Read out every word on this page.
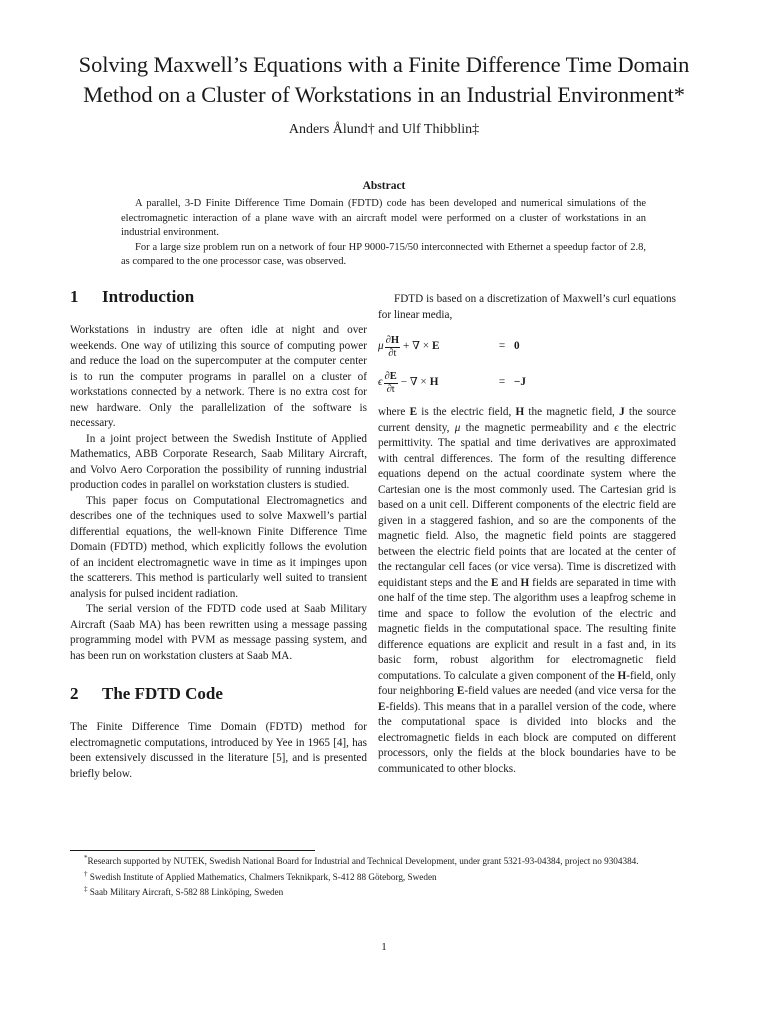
Solving Maxwell’s Equations with a Finite Difference Time Domain Method on a Cluster of Workstations in an Industrial Environment*
Anders Ålund† and Ulf Thibblin‡
Abstract

A parallel, 3-D Finite Difference Time Domain (FDTD) code has been developed and numerical simulations of the electromagnetic interaction of a plane wave with an aircraft model were performed on a cluster of workstations in an industrial environment.

For a large size problem run on a network of four HP 9000-715/50 interconnected with Ethernet a speedup factor of 2.8, as compared to the one processor case, was observed.

1 Introduction

Workstations in industry are often idle at night and over weekends. One way of utilizing this source of computing power and reduce the load on the supercomputer at the computer center is to run the computer programs in parallel on a cluster of workstations connected by a network. There is no extra cost for new hardware. Only the parallelization of the software is necessary.

In a joint project between the Swedish Institute of Applied Mathematics, ABB Corporate Research, Saab Military Aircraft, and Volvo Aero Corporation the possibility of running industrial production codes in parallel on workstation clusters is studied.

This paper focus on Computational Electromagnetics and describes one of the techniques used to solve Maxwell’s partial differential equations, the well-known Finite Difference Time Domain (FDTD) method, which explicitly follows the evolution of an incident electromagnetic wave in time as it impinges upon the scatterers. This method is particularly well suited to transient analysis for pulsed incident radiation.

The serial version of the FDTD code used at Saab Military Aircraft (Saab MA) has been rewritten using a message passing programming model with PVM as message passing system, and has been run on workstation clusters at Saab MA.

2 The FDTD Code

The Finite Difference Time Domain (FDTD) method for electromagnetic computations, introduced by Yee in 1965 [4], has been extensively discussed in the literature [5], and is presented briefly below.

FDTD is based on a discretization of Maxwell’s curl equations for linear media,

μ $\frac{\partial H}{\partial t}$ + ∇ × E	= 0
ϵ $\frac{\partial E}{\partial t}$ − ∇ × H	= −J

where E is the electric field, H the magnetic field, J the source current density, μ the magnetic permeability and ϵ the electric permittivity. The spatial and time derivatives are approximated with central differences. The form of the resulting difference equations depend on the actual coordinate system where the Cartesian one is the most commonly used. The Cartesian grid is based on a unit cell. Different components of the electric field are given in a staggered fashion, and so are the components of the magnetic field. Also, the magnetic field points are staggered between the electric field points that are located at the center of the rectangular cell faces (or vice versa). Time is discretized with equidistant steps and the E and H fields are separated in time with one half of the time step. The algorithm uses a leapfrog scheme in time and space to follow the evolution of the electric and magnetic fields in the computational space. The resulting finite difference equations are explicit and result in a fast and, in its basic form, robust algorithm for electromagnetic field computations. To calculate a given component of the H-field, only four neighboring E-field values are needed (and vice versa for the E-fields). This means that in a parallel version of the code, where the computational space is divided into blocks and the electromagnetic fields in each block are computed on different processors, only the fields at the block boundaries have to be communicated to other blocks.

*Research supported by NUTEK, Swedish National Board for Industrial and Technical Development, under grant 5321-93-04384, project no 9304384.

† Swedish Institute of Applied Mathematics, Chalmers Teknikpark, S-412 88 Göteborg, Sweden

‡ Saab Military Aircraft, S-582 88 Linköping, Sweden

1
